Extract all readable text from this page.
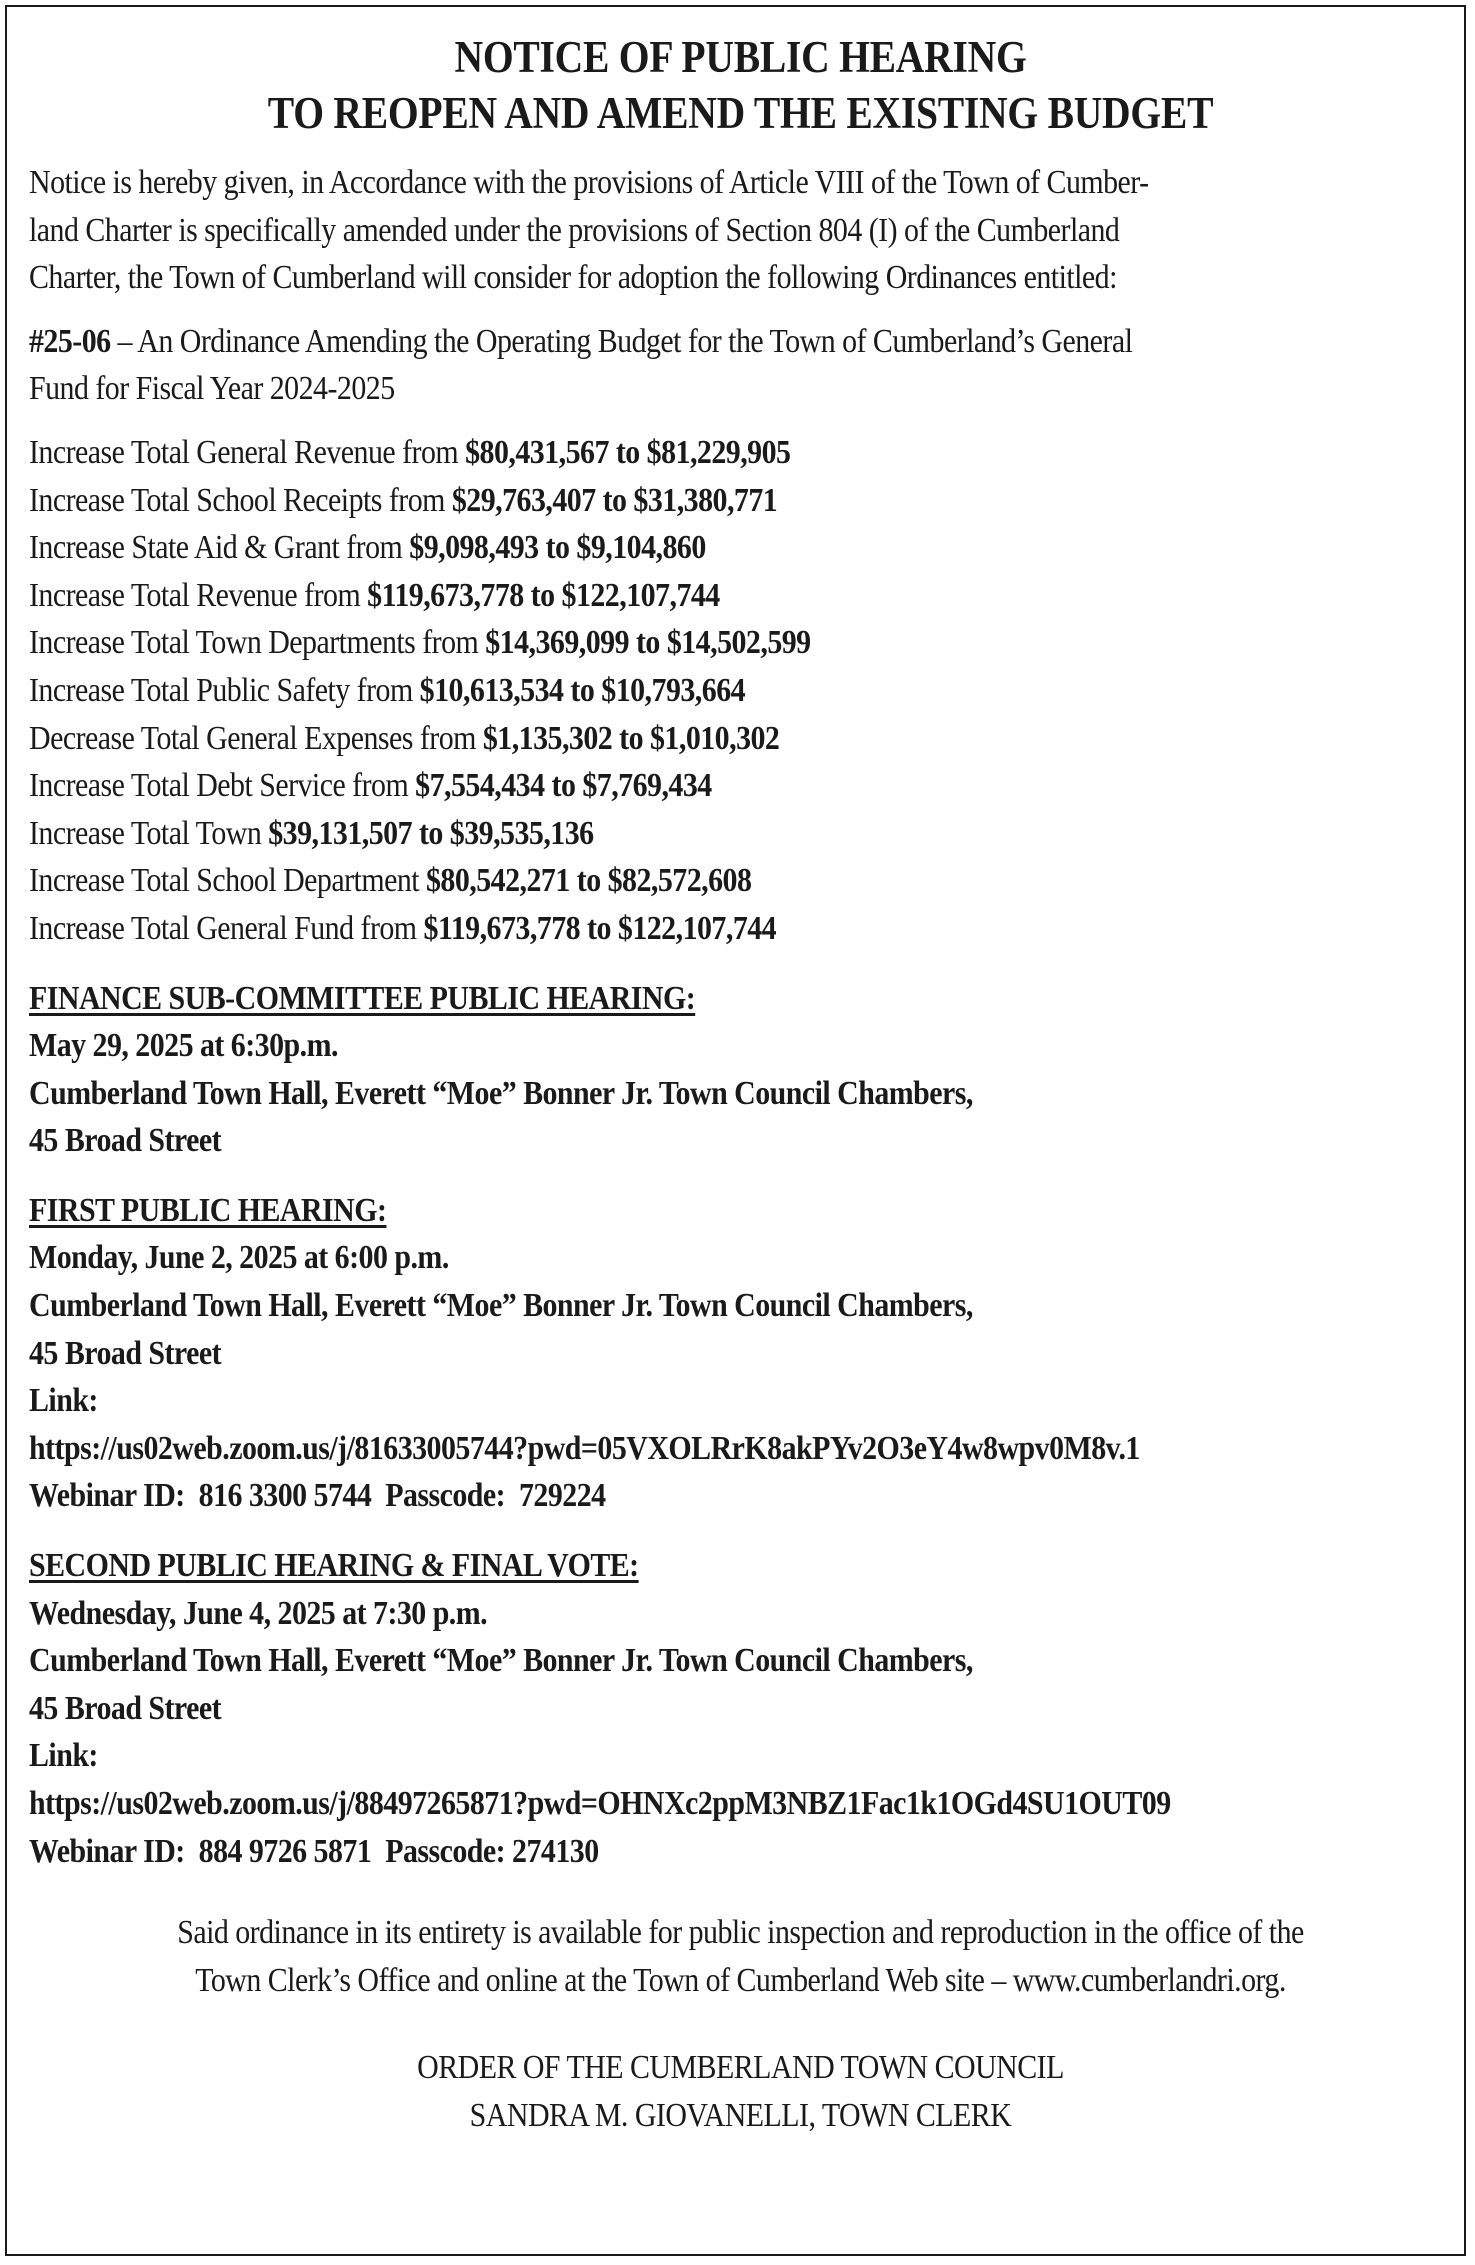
NOTICE OF PUBLIC HEARING
TO REOPEN AND AMEND THE EXISTING BUDGET
Notice is hereby given, in Accordance with the provisions of Article VIII of the Town of Cumber-
land Charter is specifically amended under the provisions of Section 804 (I) of the Cumberland
Charter, the Town of Cumberland will consider for adoption the following Ordinances entitled:
#25-06 – An Ordinance Amending the Operating Budget for the Town of Cumberland’s General
Fund for Fiscal Year 2024-2025
Increase Total General Revenue from $80,431,567 to $81,229,905
Increase Total School Receipts from $29,763,407 to $31,380,771
Increase State Aid & Grant from $9,098,493 to $9,104,860
Increase Total Revenue from $119,673,778 to $122,107,744
Increase Total Town Departments from $14,369,099 to $14,502,599
Increase Total Public Safety from $10,613,534 to $10,793,664
Decrease Total General Expenses from $1,135,302 to $1,010,302
Increase Total Debt Service from $7,554,434 to $7,769,434
Increase Total Town $39,131,507 to $39,535,136
Increase Total School Department $80,542,271 to $82,572,608
Increase Total General Fund from $119,673,778 to $122,107,744
FINANCE SUB-COMMITTEE PUBLIC HEARING:
May 29, 2025 at 6:30p.m.
Cumberland Town Hall, Everett “Moe” Bonner Jr. Town Council Chambers,
45 Broad Street
FIRST PUBLIC HEARING:
Monday, June 2, 2025 at 6:00 p.m.
Cumberland Town Hall, Everett “Moe” Bonner Jr. Town Council Chambers,
45 Broad Street
Link:
https://us02web.zoom.us/j/81633005744?pwd=05VXOLRrK8akPYv2O3eY4w8wpv0M8v.1
Webinar ID:  816 3300 5744  Passcode:  729224
SECOND PUBLIC HEARING & FINAL VOTE:
Wednesday, June 4, 2025 at 7:30 p.m.
Cumberland Town Hall, Everett “Moe” Bonner Jr. Town Council Chambers,
45 Broad Street
Link:
https://us02web.zoom.us/j/88497265871?pwd=OHNXc2ppM3NBZ1Fac1k1OGd4SU1OUT09
Webinar ID:  884 9726 5871  Passcode: 274130
Said ordinance in its entirety is available for public inspection and reproduction in the office of the
Town Clerk’s Office and online at the Town of Cumberland Web site – www.cumberlandri.org.
ORDER OF THE CUMBERLAND TOWN COUNCIL
SANDRA M. GIOVANELLI, TOWN CLERK
